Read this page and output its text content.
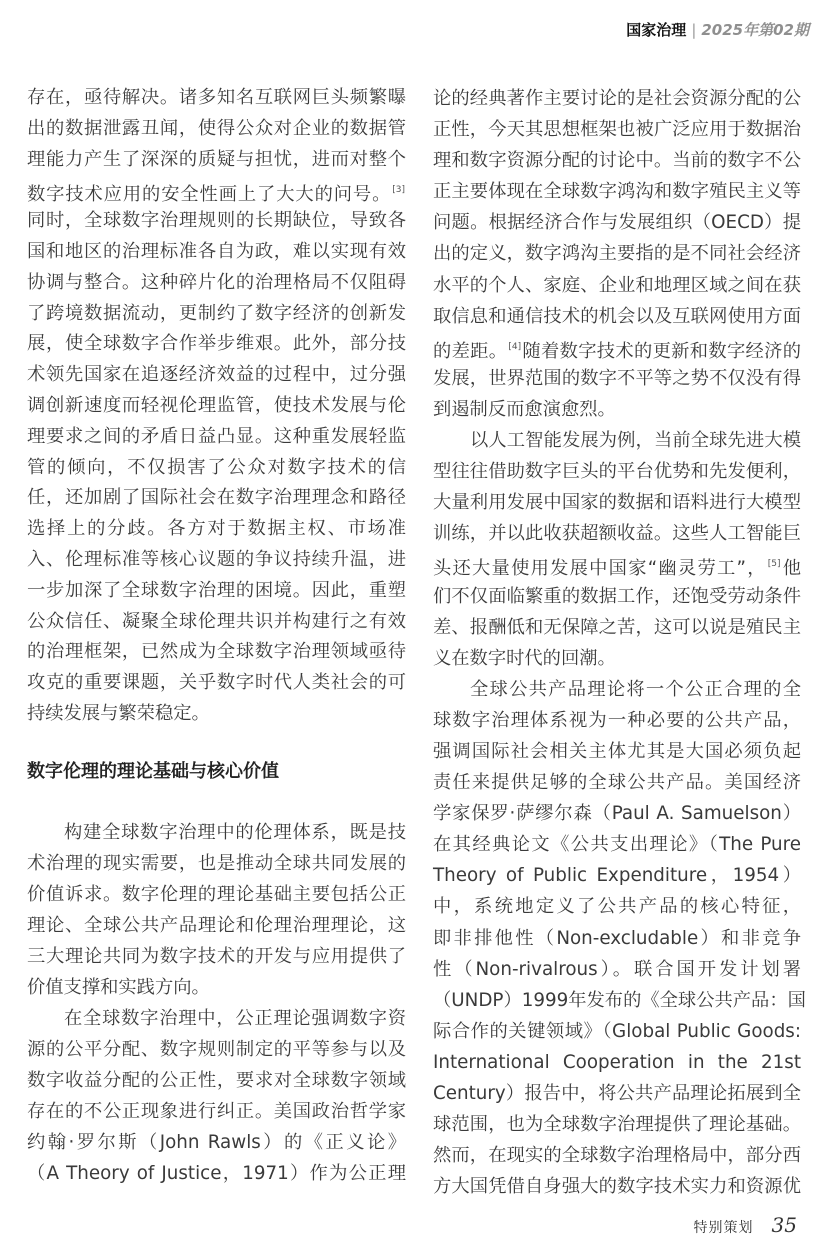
国家治理 | 2025年第02期
存在，亟待解决。诸多知名互联网巨头频繁曝
出的数据泄露丑闻，使得公众对企业的数据管
理能力产生了深深的质疑与担忧，进而对整个
数字技术应用的安全性画上了大大的问号。[3]
同时，全球数字治理规则的长期缺位，导致各
国和地区的治理标准各自为政，难以实现有效
协调与整合。这种碎片化的治理格局不仅阻碍
了跨境数据流动，更制约了数字经济的创新发
展，使全球数字合作举步维艰。此外，部分技
术领先国家在追逐经济效益的过程中，过分强
调创新速度而轻视伦理监管，使技术发展与伦
理要求之间的矛盾日益凸显。这种重发展轻监
管的倾向，不仅损害了公众对数字技术的信
任，还加剧了国际社会在数字治理理念和路径
选择上的分歧。各方对于数据主权、市场准
入、伦理标准等核心议题的争议持续升温，进
一步加深了全球数字治理的困境。因此，重塑
公众信任、凝聚全球伦理共识并构建行之有效
的治理框架，已然成为全球数字治理领域亟待
攻克的重要课题，关乎数字时代人类社会的可
持续发展与繁荣稳定。
数字伦理的理论基础与核心价值
构建全球数字治理中的伦理体系，既是技
术治理的现实需要，也是推动全球共同发展的
价值诉求。数字伦理的理论基础主要包括公正
理论、全球公共产品理论和伦理治理理论，这
三大理论共同为数字技术的开发与应用提供了
价值支撑和实践方向。
在全球数字治理中，公正理论强调数字资
源的公平分配、数字规则制定的平等参与以及
数字收益分配的公正性，要求对全球数字领域
存在的不公正现象进行纠正。美国政治哲学家
约翰·罗尔斯（John Rawls）的《正义论》
（A Theory of Justice，1971）作为公正理
论的经典著作主要讨论的是社会资源分配的公
正性，今天其思想框架也被广泛应用于数据治
理和数字资源分配的讨论中。当前的数字不公
正主要体现在全球数字鸿沟和数字殖民主义等
问题。根据经济合作与发展组织（OECD）提
出的定义，数字鸿沟主要指的是不同社会经济
水平的个人、家庭、企业和地理区域之间在获
取信息和通信技术的机会以及互联网使用方面
的差距。[4]随着数字技术的更新和数字经济的
发展，世界范围的数字不平等之势不仅没有得
到遏制反而愈演愈烈。
以人工智能发展为例，当前全球先进大模
型往往借助数字巨头的平台优势和先发便利，
大量利用发展中国家的数据和语料进行大模型
训练，并以此收获超额收益。这些人工智能巨
头还大量使用发展中国家“幽灵劳工”，[5]他
们不仅面临繁重的数据工作，还饱受劳动条件
差、报酬低和无保障之苦，这可以说是殖民主
义在数字时代的回潮。
全球公共产品理论将一个公正合理的全
球数字治理体系视为一种必要的公共产品，
强调国际社会相关主体尤其是大国必须负起
责任来提供足够的全球公共产品。美国经济
学家保罗·萨缪尔森（Paul A. Samuelson）
在其经典论文《公共支出理论》（The Pure
Theory of Public Expenditure，1954）
中，系统地定义了公共产品的核心特征，
即非排他性（Non-excludable）和非竞争
性（Non-rivalrous）。联合国开发计划署
（UNDP）1999年发布的《全球公共产品：国
际合作的关键领域》（Global Public Goods:
International Cooperation in the 21st
Century）报告中，将公共产品理论拓展到全
球范围，也为全球数字治理提供了理论基础。
然而，在现实的全球数字治理格局中，部分西
方大国凭借自身强大的数字技术实力和资源优
特别策划 35
